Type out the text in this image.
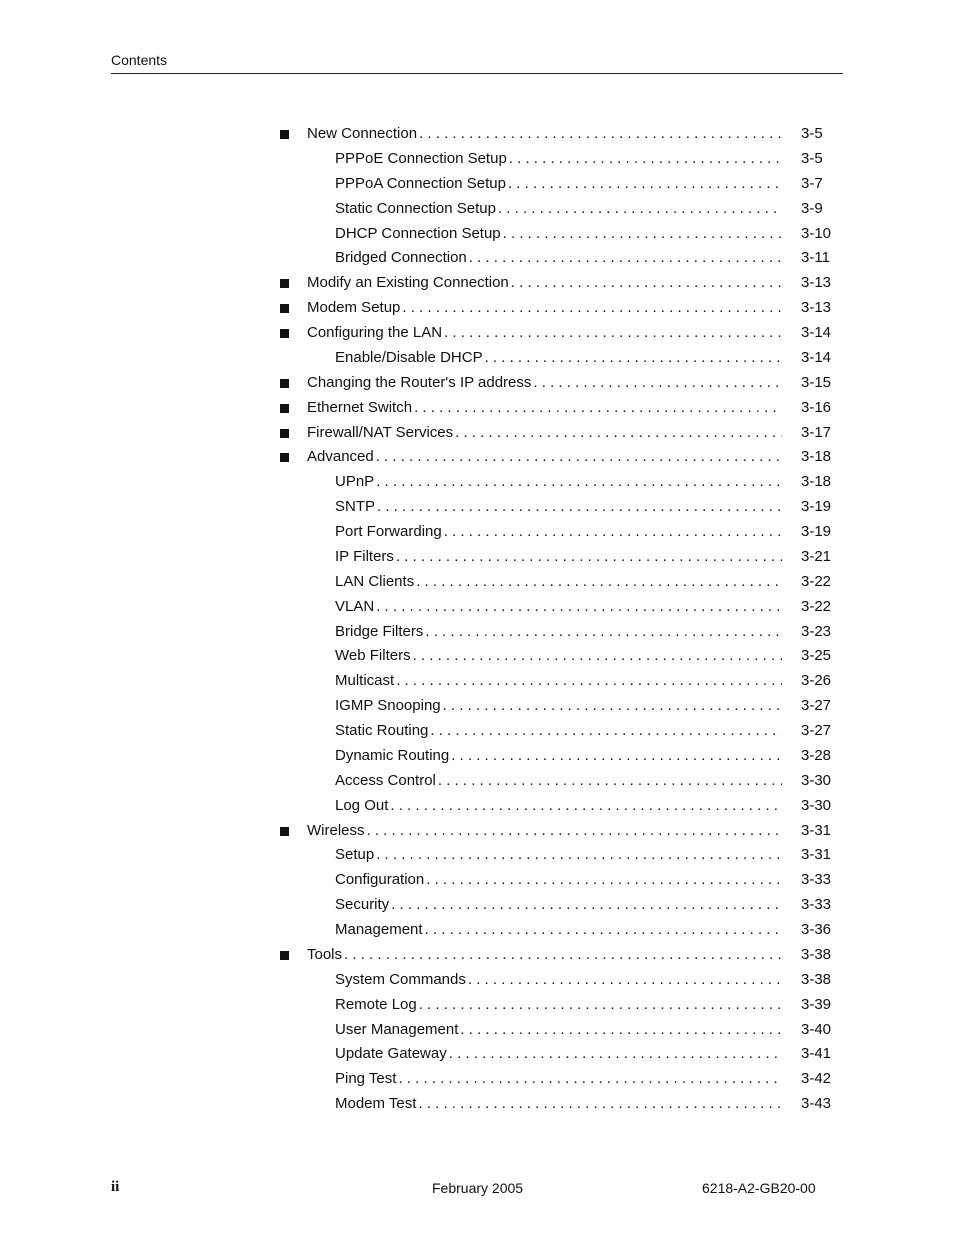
Contents
New Connection . . .	3-5
PPPoE Connection Setup . . .	3-5
PPPoA Connection Setup . . .	3-7
Static Connection Setup . . .	3-9
DHCP Connection Setup . . .	3-10
Bridged Connection . . .	3-11
Modify an Existing Connection . . .	3-13
Modem Setup . . .	3-13
Configuring the LAN . . .	3-14
Enable/Disable DHCP . . .	3-14
Changing the Router's IP address . . .	3-15
Ethernet Switch . . .	3-16
Firewall/NAT Services . . .	3-17
Advanced . . .	3-18
UPnP . . .	3-18
SNTP . . .	3-19
Port Forwarding . . .	3-19
IP Filters . . .	3-21
LAN Clients . . .	3-22
VLAN . . .	3-22
Bridge Filters . . .	3-23
Web Filters . . .	3-25
Multicast . . .	3-26
IGMP Snooping . . .	3-27
Static Routing . . .	3-27
Dynamic Routing . . .	3-28
Access Control . . .	3-30
Log Out . . .	3-30
Wireless . . .	3-31
Setup . . .	3-31
Configuration . . .	3-33
Security . . .	3-33
Management . . .	3-36
Tools . . .	3-38
System Commands . . .	3-38
Remote Log . . .	3-39
User Management . . .	3-40
Update Gateway . . .	3-41
Ping Test . . .	3-42
Modem Test . . .	3-43
ii	February 2005	6218-A2-GB20-00
